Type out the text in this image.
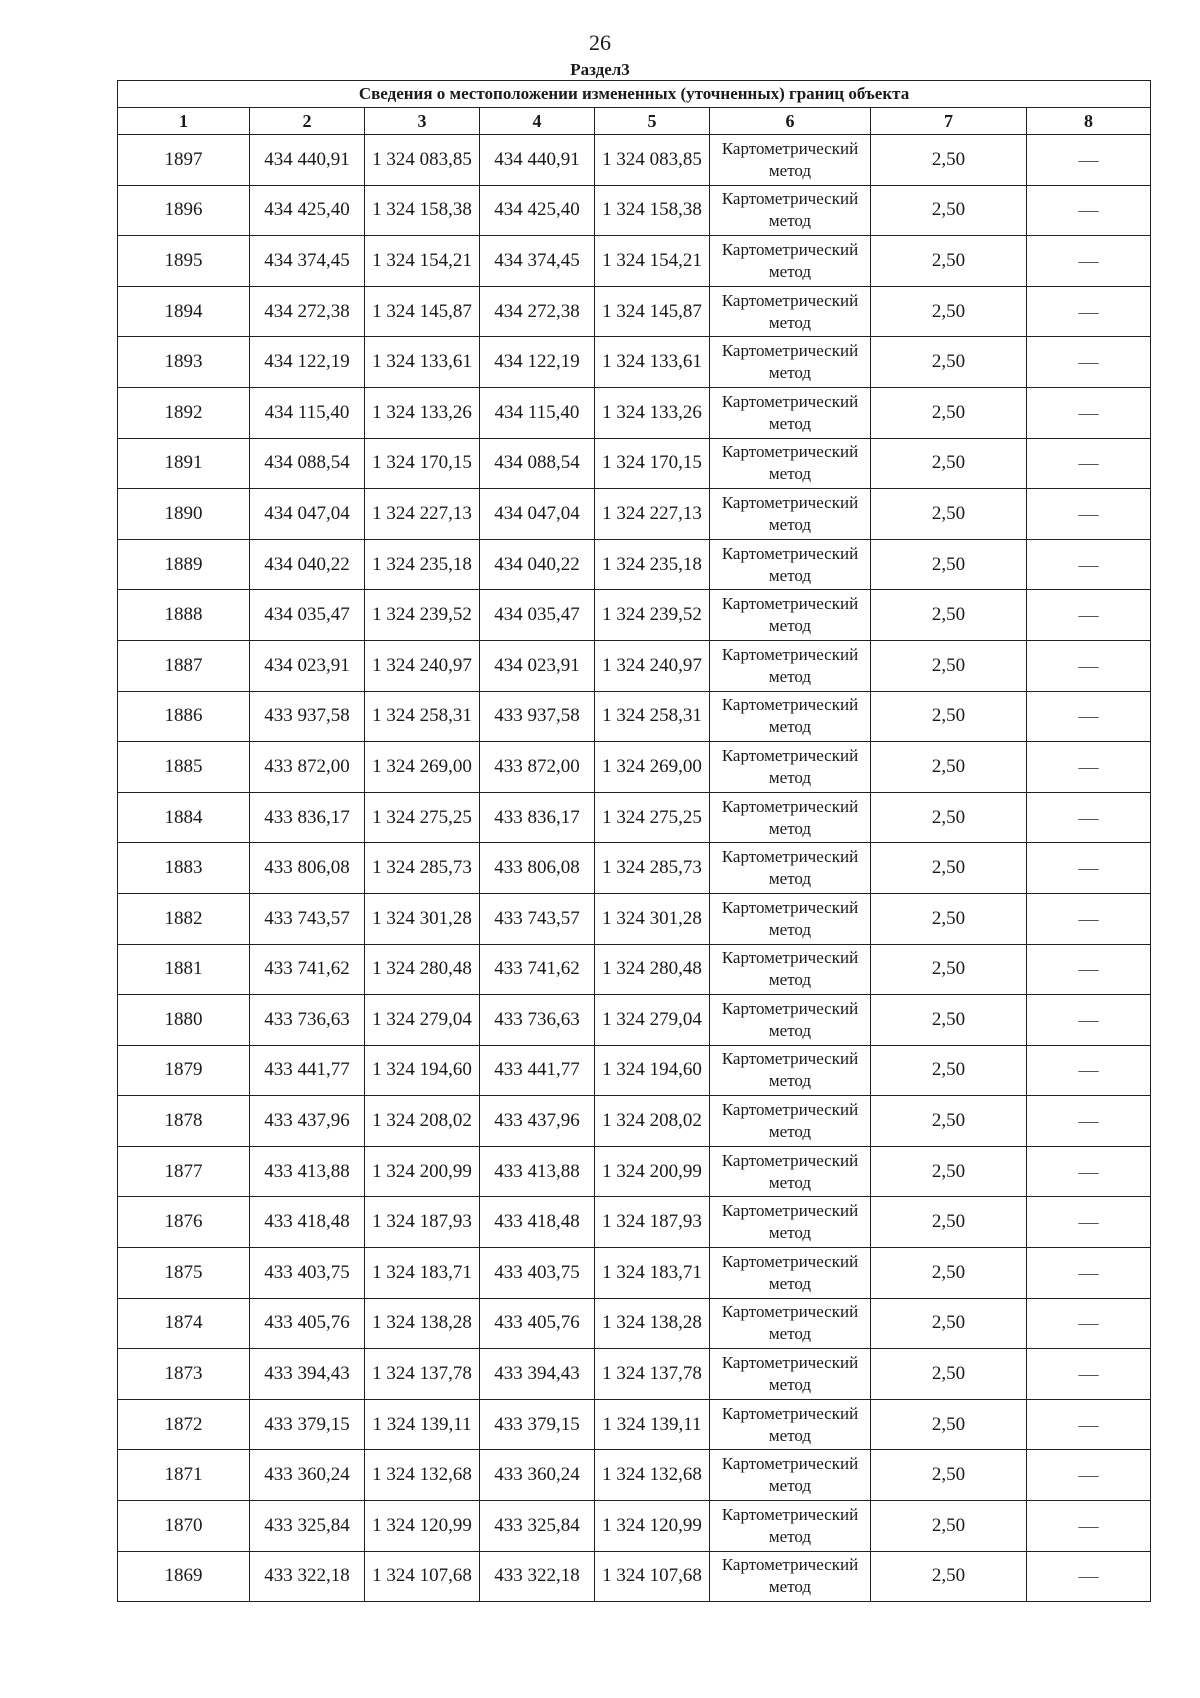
26
Раздел3
Сведения о местоположении измененных (уточненных) границ объекта							
1	2	3	4	5	6	7	8
1897	434 440,91	1 324 083,85	434 440,91	1 324 083,85	Картометрический метод	2,50	—
1896	434 425,40	1 324 158,38	434 425,40	1 324 158,38	Картометрический метод	2,50	—
1895	434 374,45	1 324 154,21	434 374,45	1 324 154,21	Картометрический метод	2,50	—
1894	434 272,38	1 324 145,87	434 272,38	1 324 145,87	Картометрический метод	2,50	—
1893	434 122,19	1 324 133,61	434 122,19	1 324 133,61	Картометрический метод	2,50	—
1892	434 115,40	1 324 133,26	434 115,40	1 324 133,26	Картометрический метод	2,50	—
1891	434 088,54	1 324 170,15	434 088,54	1 324 170,15	Картометрический метод	2,50	—
1890	434 047,04	1 324 227,13	434 047,04	1 324 227,13	Картометрический метод	2,50	—
1889	434 040,22	1 324 235,18	434 040,22	1 324 235,18	Картометрический метод	2,50	—
1888	434 035,47	1 324 239,52	434 035,47	1 324 239,52	Картометрический метод	2,50	—
1887	434 023,91	1 324 240,97	434 023,91	1 324 240,97	Картометрический метод	2,50	—
1886	433 937,58	1 324 258,31	433 937,58	1 324 258,31	Картометрический метод	2,50	—
1885	433 872,00	1 324 269,00	433 872,00	1 324 269,00	Картометрический метод	2,50	—
1884	433 836,17	1 324 275,25	433 836,17	1 324 275,25	Картометрический метод	2,50	—
1883	433 806,08	1 324 285,73	433 806,08	1 324 285,73	Картометрический метод	2,50	—
1882	433 743,57	1 324 301,28	433 743,57	1 324 301,28	Картометрический метод	2,50	—
1881	433 741,62	1 324 280,48	433 741,62	1 324 280,48	Картометрический метод	2,50	—
1880	433 736,63	1 324 279,04	433 736,63	1 324 279,04	Картометрический метод	2,50	—
1879	433 441,77	1 324 194,60	433 441,77	1 324 194,60	Картометрический метод	2,50	—
1878	433 437,96	1 324 208,02	433 437,96	1 324 208,02	Картометрический метод	2,50	—
1877	433 413,88	1 324 200,99	433 413,88	1 324 200,99	Картометрический метод	2,50	—
1876	433 418,48	1 324 187,93	433 418,48	1 324 187,93	Картометрический метод	2,50	—
1875	433 403,75	1 324 183,71	433 403,75	1 324 183,71	Картометрический метод	2,50	—
1874	433 405,76	1 324 138,28	433 405,76	1 324 138,28	Картометрический метод	2,50	—
1873	433 394,43	1 324 137,78	433 394,43	1 324 137,78	Картометрический метод	2,50	—
1872	433 379,15	1 324 139,11	433 379,15	1 324 139,11	Картометрический метод	2,50	—
1871	433 360,24	1 324 132,68	433 360,24	1 324 132,68	Картометрический метод	2,50	—
1870	433 325,84	1 324 120,99	433 325,84	1 324 120,99	Картометрический метод	2,50	—
1869	433 322,18	1 324 107,68	433 322,18	1 324 107,68	Картометрический метод	2,50	—
